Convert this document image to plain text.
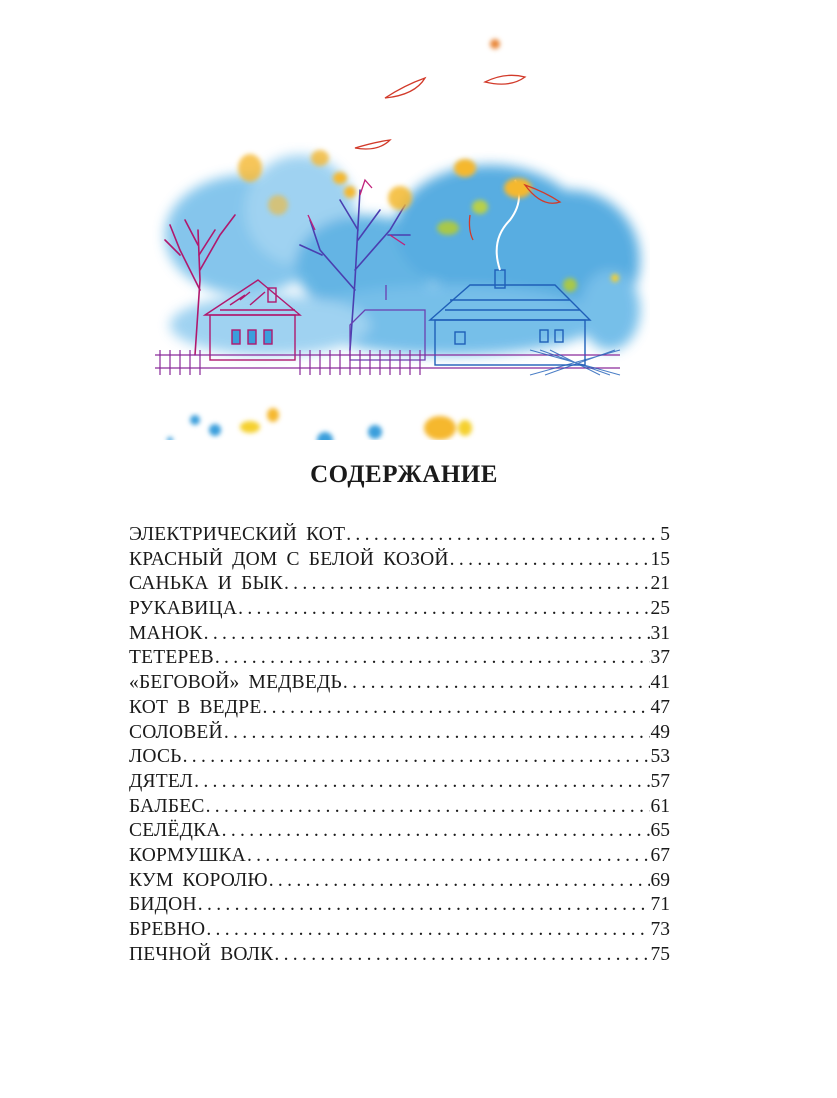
СОДЕРЖАНИЕ
ЭЛЕКТРИЧЕСКИЙ КОТ .....	5
КРАСНЫЙ ДОМ С БЕЛОЙ КОЗОЙ .....	15
САНЬКА И БЫК .....	21
РУКАВИЦА .....	25
МАНОК .....	31
ТЕТЕРЕВ .....	37
«БЕГОВОЙ» МЕДВЕДЬ .....	41
КОТ В ВЕДРЕ .....	47
СОЛОВЕЙ .....	49
ЛОСЬ .....	53
ДЯТЕЛ .....	57
БАЛБЕС .....	61
СЕЛЁДКА .....	65
КОРМУШКА .....	67
КУМ КОРОЛЮ .....	69
БИДОН .....	71
БРЕВНО .....	73
ПЕЧНОЙ ВОЛК .....	75
